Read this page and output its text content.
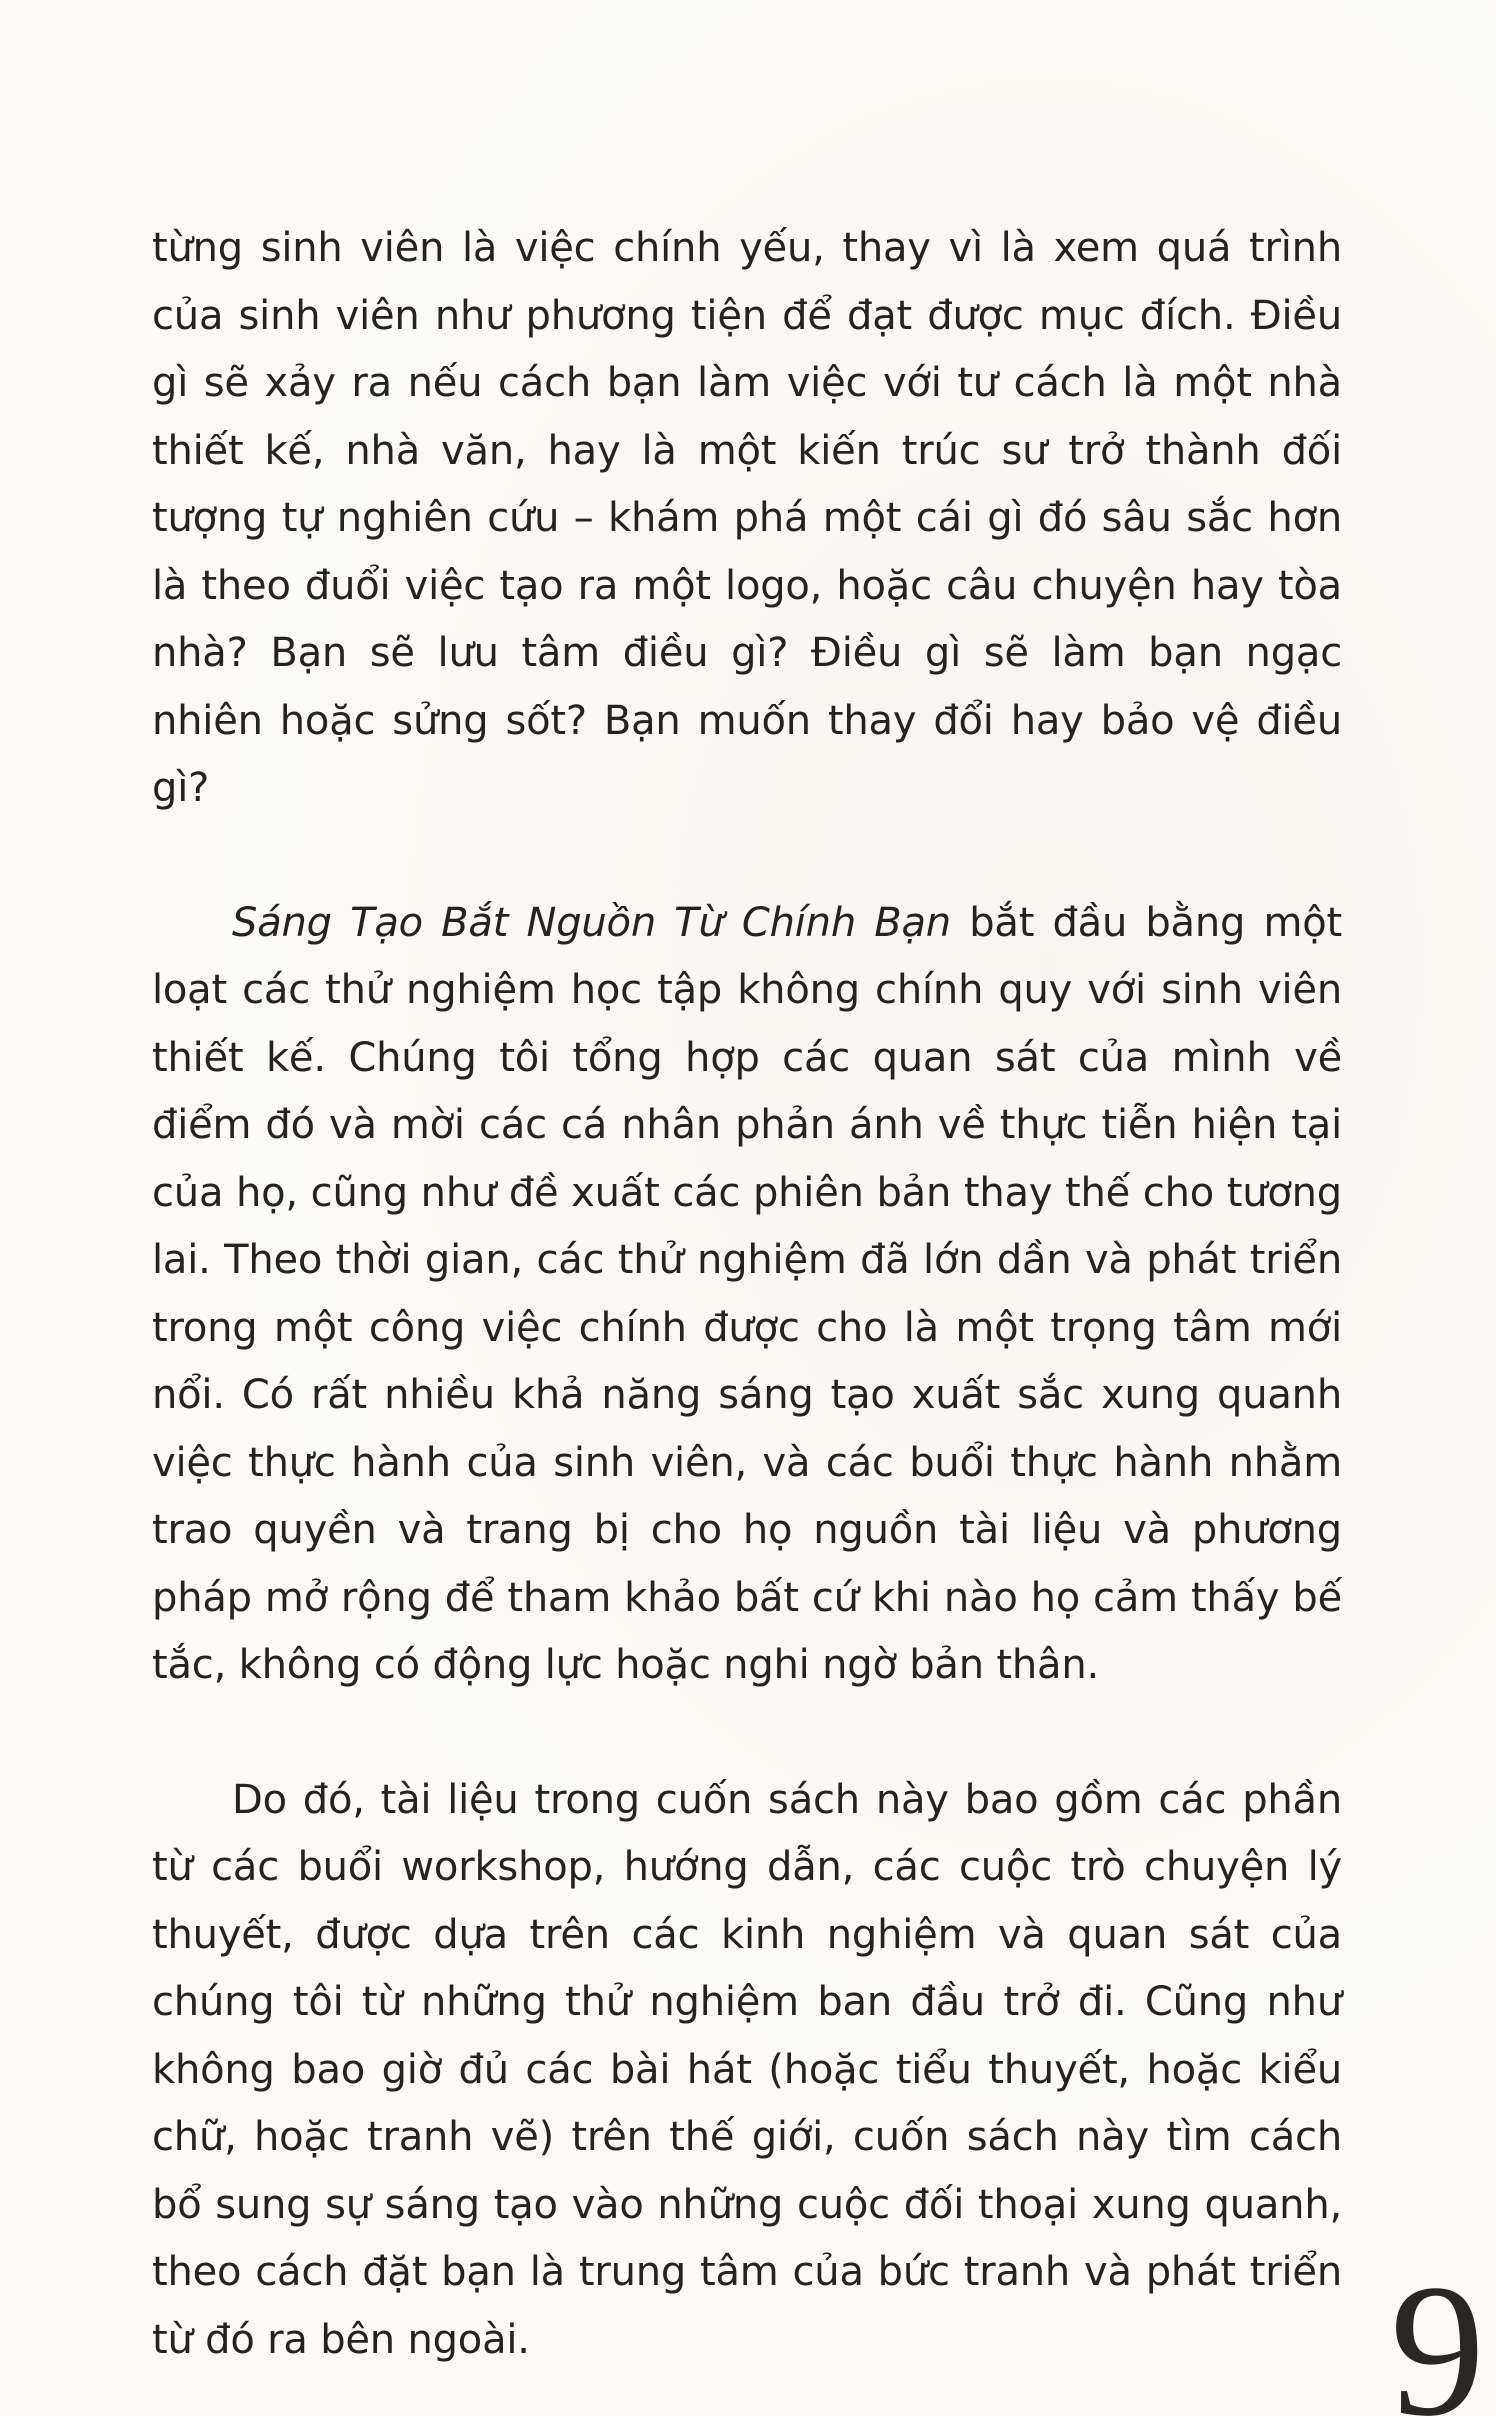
từng sinh viên là việc chính yếu, thay vì là xem quá trình của sinh viên như phương tiện để đạt được mục đích. Điều gì sẽ xảy ra nếu cách bạn làm việc với tư cách là một nhà thiết kế, nhà văn, hay là một kiến trúc sư trở thành đối tượng tự nghiên cứu – khám phá một cái gì đó sâu sắc hơn là theo đuổi việc tạo ra một logo, hoặc câu chuyện hay tòa nhà? Bạn sẽ lưu tâm điều gì? Điều gì sẽ làm bạn ngạc nhiên hoặc sửng sốt? Bạn muốn thay đổi hay bảo vệ điều gì?

Sáng Tạo Bắt Nguồn Từ Chính Bạn bắt đầu bằng một loạt các thử nghiệm học tập không chính quy với sinh viên thiết kế. Chúng tôi tổng hợp các quan sát của mình về điểm đó và mời các cá nhân phản ánh về thực tiễn hiện tại của họ, cũng như đề xuất các phiên bản thay thế cho tương lai. Theo thời gian, các thử nghiệm đã lớn dần và phát triển trong một công việc chính được cho là một trọng tâm mới nổi. Có rất nhiều khả năng sáng tạo xuất sắc xung quanh việc thực hành của sinh viên, và các buổi thực hành nhằm trao quyền và trang bị cho họ nguồn tài liệu và phương pháp mở rộng để tham khảo bất cứ khi nào họ cảm thấy bế tắc, không có động lực hoặc nghi ngờ bản thân.

Do đó, tài liệu trong cuốn sách này bao gồm các phần từ các buổi workshop, hướng dẫn, các cuộc trò chuyện lý thuyết, được dựa trên các kinh nghiệm và quan sát của chúng tôi từ những thử nghiệm ban đầu trở đi. Cũng như không bao giờ đủ các bài hát (hoặc tiểu thuyết, hoặc kiểu chữ, hoặc tranh vẽ) trên thế giới, cuốn sách này tìm cách bổ sung sự sáng tạo vào những cuộc đối thoại xung quanh, theo cách đặt bạn là trung tâm của bức tranh và phát triển từ đó ra bên ngoài.	9
